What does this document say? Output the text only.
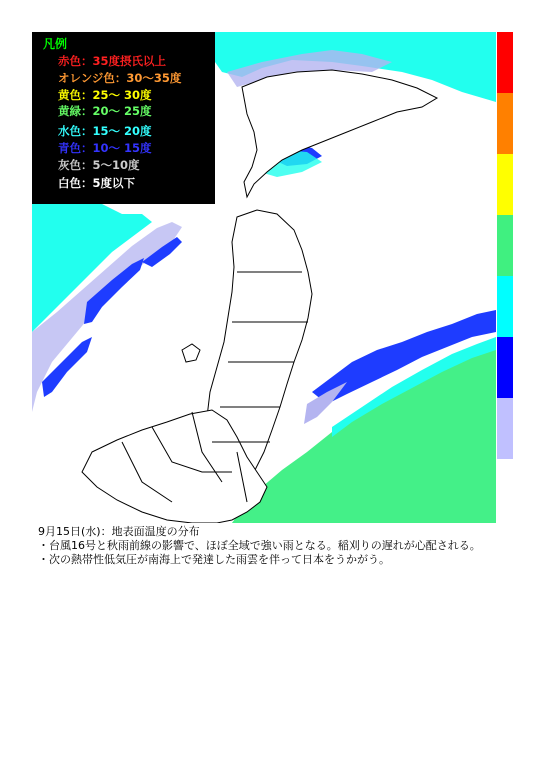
凡例
赤色：35度摂氏以上
オレンジ色：30～35度
黄色：25～ 30度
黄緑：20～ 25度
水色：15～ 20度
青色：10～ 15度
灰色：5～10度
白色：5度以下
9月15日(水)：地表面温度の分布
・台風16号と秋雨前線の影響で、ほぼ全域で強い雨となる。稲刈りの遅れが心配される。
・次の熱帯性低気圧が南海上で発達した雨雲を伴って日本をうかがう。
